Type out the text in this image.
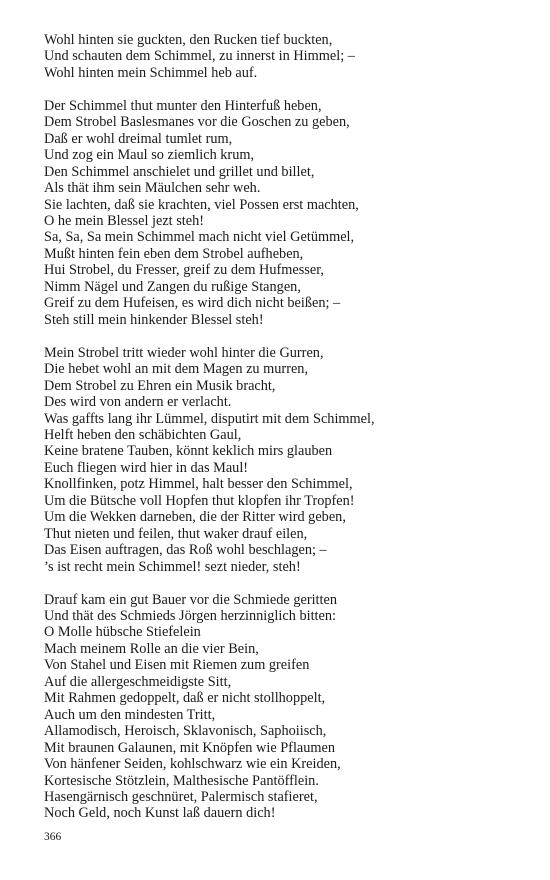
Wohl hinten sie guckten, den Rucken tief buckten,
Und schauten dem Schimmel, zu innerst in Himmel; –
Wohl hinten mein Schimmel heb auf.
Der Schimmel thut munter den Hinterfuß heben,
Dem Strobel Baslesmanes vor die Goschen zu geben,
Daß er wohl dreimal tumlet rum,
Und zog ein Maul so ziemlich krum,
Den Schimmel anschielet und grillet und billet,
Als thät ihm sein Mäulchen sehr weh.
Sie lachten, daß sie krachten, viel Possen erst machten,
O he mein Blessel jezt steh!
Sa, Sa, Sa mein Schimmel mach nicht viel Getümmel,
Mußt hinten fein eben dem Strobel aufheben,
Hui Strobel, du Fresser, greif zu dem Hufmesser,
Nimm Nägel und Zangen du rußige Stangen,
Greif zu dem Hufeisen, es wird dich nicht beißen; –
Steh still mein hinkender Blessel steh!
Mein Strobel tritt wieder wohl hinter die Gurren,
Die hebet wohl an mit dem Magen zu murren,
Dem Strobel zu Ehren ein Musik bracht,
Des wird von andern er verlacht.
Was gaffts lang ihr Lümmel, disputirt mit dem Schimmel,
Helft heben den schäbichten Gaul,
Keine bratene Tauben, könnt keklich mirs glauben
Euch fliegen wird hier in das Maul!
Knollfinken, potz Himmel, halt besser den Schimmel,
Um die Bütsche voll Hopfen thut klopfen ihr Tropfen!
Um die Wekken darneben, die der Ritter wird geben,
Thut nieten und feilen, thut waker drauf eilen,
Das Eisen auftragen, das Roß wohl beschlagen; –
’s ist recht mein Schimmel! sezt nieder, steh!
Drauf kam ein gut Bauer vor die Schmiede geritten
Und thät des Schmieds Jörgen herzinniglich bitten:
O Molle hübsche Stiefelein
Mach meinem Rolle an die vier Bein,
Von Stahel und Eisen mit Riemen zum greifen
Auf die allergeschmeidigste Sitt,
Mit Rahmen gedoppelt, daß er nicht stollhoppelt,
Auch um den mindesten Tritt,
Allamodisch, Heroisch, Sklavonisch, Saphoiisch,
Mit braunen Galaunen, mit Knöpfen wie Pflaumen
Von hänfener Seiden, kohlschwarz wie ein Kreiden,
Kortesische Stötzlein, Malthesische Pantöfflein.
Hasengärnisch geschnüret, Palermisch stafieret,
Noch Geld, noch Kunst laß dauern dich!
366
